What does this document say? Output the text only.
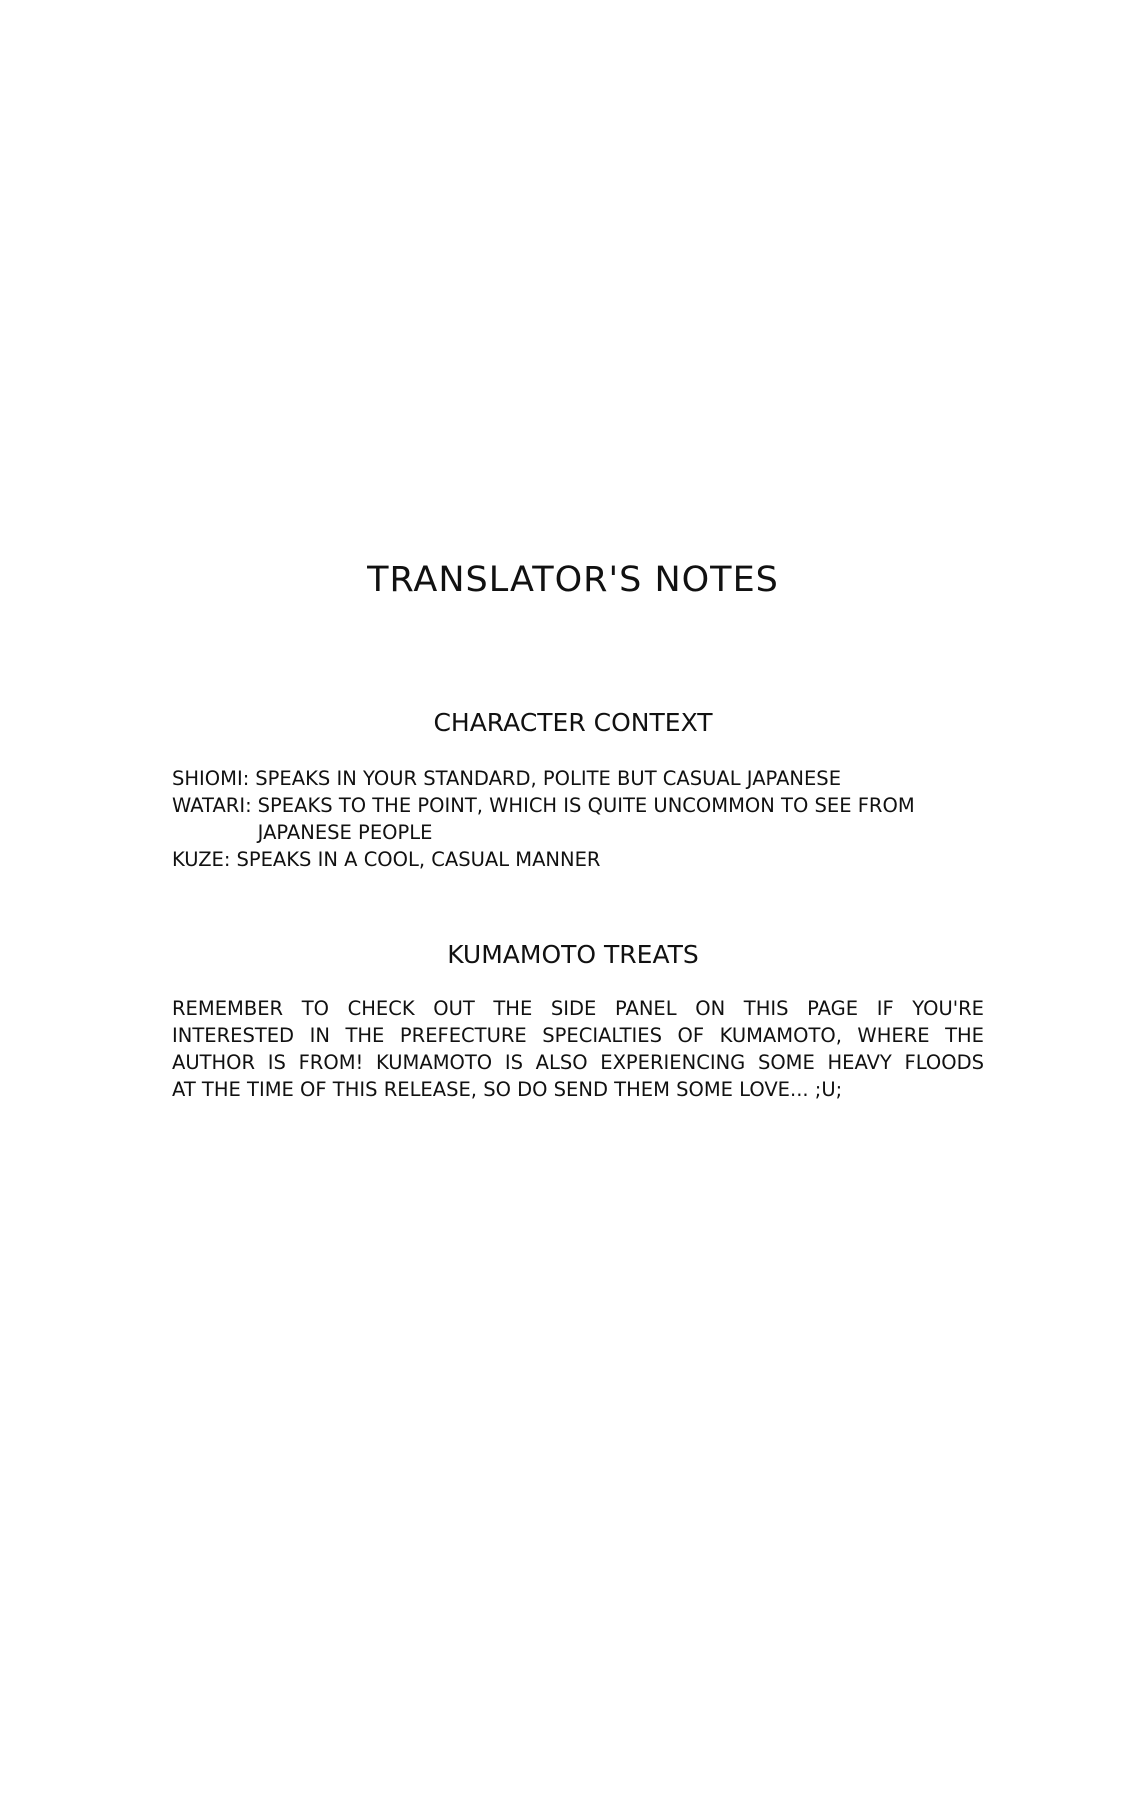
TRANSLATOR'S NOTES
CHARACTER CONTEXT
SHIOMI: SPEAKS IN YOUR STANDARD, POLITE BUT CASUAL JAPANESE
WATARI: SPEAKS TO THE POINT, WHICH IS QUITE UNCOMMON TO SEE FROM JAPANESE PEOPLE
KUZE: SPEAKS IN A COOL, CASUAL MANNER
KUMAMOTO TREATS

REMEMBER TO CHECK OUT THE SIDE PANEL ON THIS PAGE IF YOU'RE
INTERESTED IN THE PREFECTURE SPECIALTIES OF KUMAMOTO, WHERE THE
AUTHOR IS FROM! KUMAMOTO IS ALSO EXPERIENCING SOME HEAVY FLOODS
AT THE TIME OF THIS RELEASE, SO DO SEND THEM SOME LOVE... ;U;
